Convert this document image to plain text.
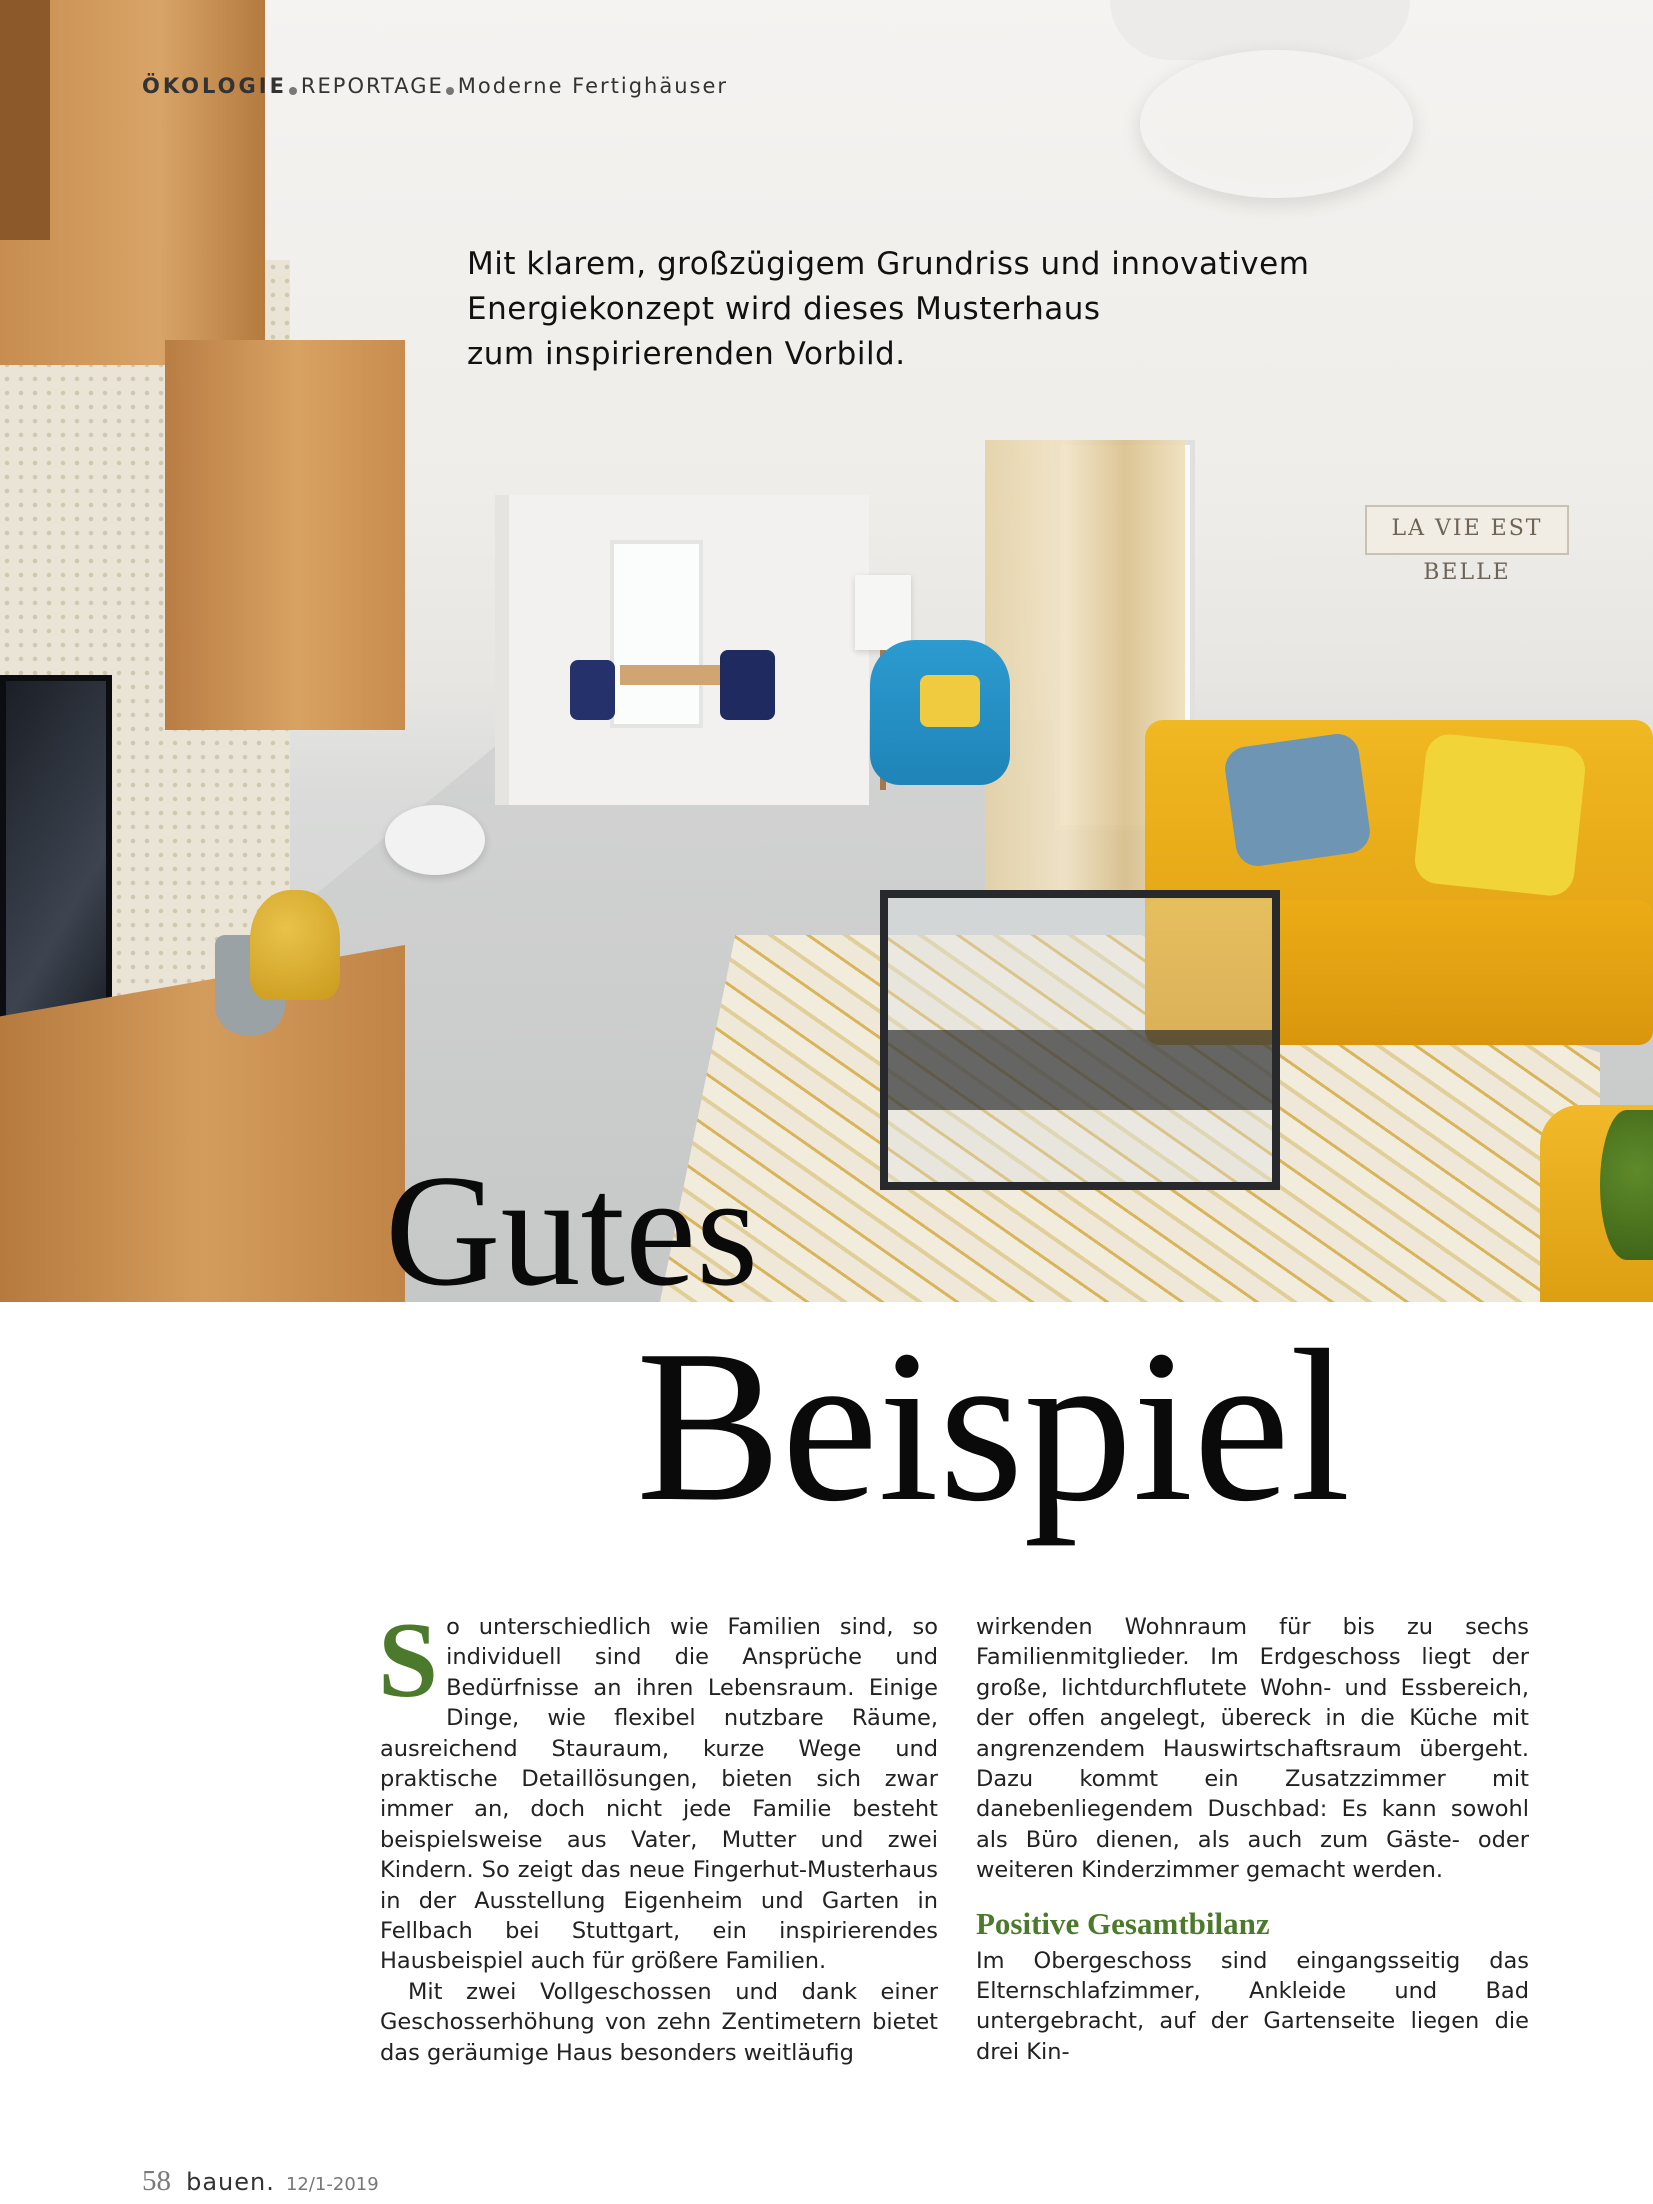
LA VIE EST BELLE
ÖKOLOGIE REPORTAGE Moderne Fertighäuser
Mit klarem, großzügigem Grundriss und innovativem
Energiekonzept wird dieses Musterhaus
zum inspirierenden Vorbild.
Gutes
Beispiel

So unterschiedlich wie Familien sind, so individuell sind die Ansprüche und Bedürfnisse an ihren Lebensraum. Einige Dinge, wie flexibel nutzbare Räume, ausreichend Stauraum, kurze Wege und praktische Detaillösungen, bieten sich zwar immer an, doch nicht jede Familie besteht beispielsweise aus Vater, Mutter und zwei Kindern. So zeigt das neue Fingerhut-Musterhaus in der Ausstellung Eigenheim und Garten in Fellbach bei Stuttgart, ein inspirierendes Hausbeispiel auch für größere Familien.

Mit zwei Vollgeschossen und dank einer Geschosserhöhung von zehn Zentimetern bietet das geräumige Haus besonders weitläufig

wirkenden Wohnraum für bis zu sechs Familienmitglieder. Im Erdgeschoss liegt der große, lichtdurchflutete Wohn- und Essbereich, der offen angelegt, übereck in die Küche mit angrenzendem Hauswirtschaftsraum übergeht. Dazu kommt ein Zusatzzimmer mit danebenliegendem Duschbad: Es kann sowohl als Büro dienen, als auch zum Gäste- oder weiteren Kinderzimmer gemacht werden.

Positive Gesamtbilanz

Im Obergeschoss sind eingangsseitig das Elternschlafzimmer, Ankleide und Bad untergebracht, auf der Gartenseite liegen die drei Kin-

58 bauen. 12/1-2019
